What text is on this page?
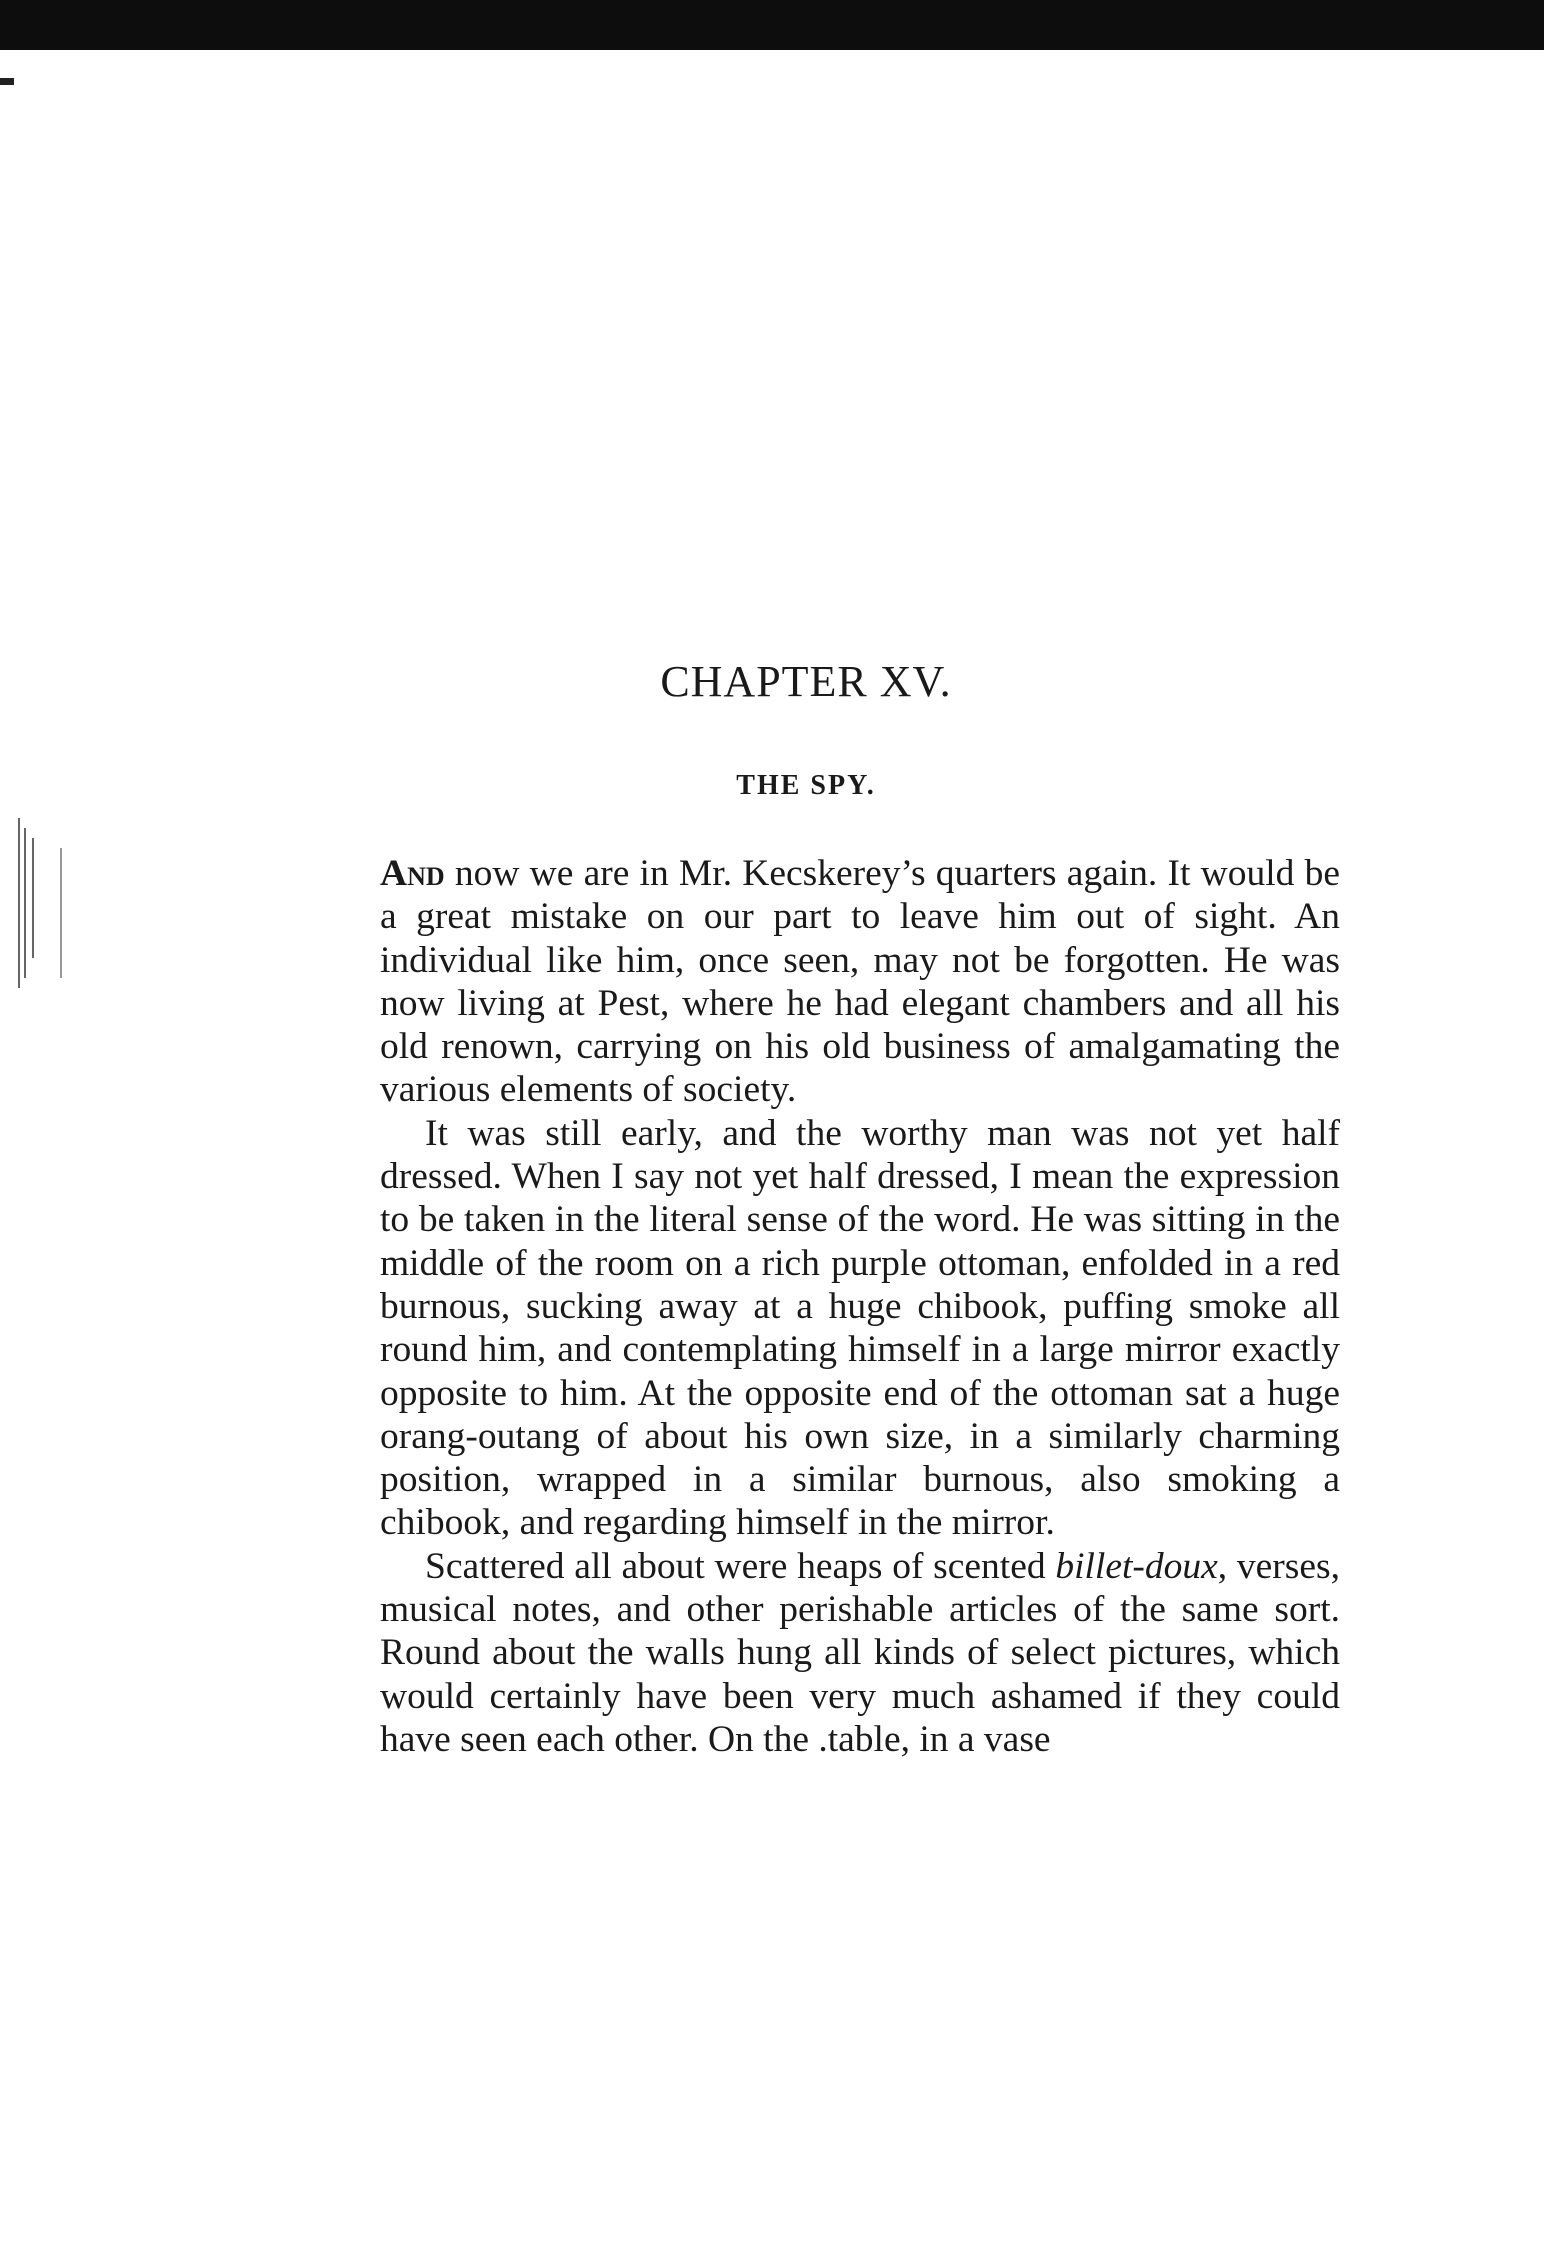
CHAPTER XV.
THE SPY.

And now we are in Mr. Kecskerey’s quarters again. It would be a great mistake on our part to leave him out of sight. An individual like him, once seen, may not be forgotten. He was now living at Pest, where he had elegant chambers and all his old renown, carrying on his old business of amalgamating the various elements of society.

It was still early, and the worthy man was not yet half dressed. When I say not yet half dressed, I mean the expression to be taken in the literal sense of the word. He was sitting in the middle of the room on a rich purple ottoman, enfolded in a red burnous, sucking away at a huge chibook, puffing smoke all round him, and contemplating himself in a large mirror exactly opposite to him. At the opposite end of the ottoman sat a huge orang-outang of about his own size, in a similarly charming position, wrapped in a similar burnous, also smoking a chibook, and regarding himself in the mirror.

Scattered all about were heaps of scented billet-doux, verses, musical notes, and other perishable articles of the same sort. Round about the walls hung all kinds of select pictures, which would certainly have been very much ashamed if they could have seen each other. On the .table, in a vase
